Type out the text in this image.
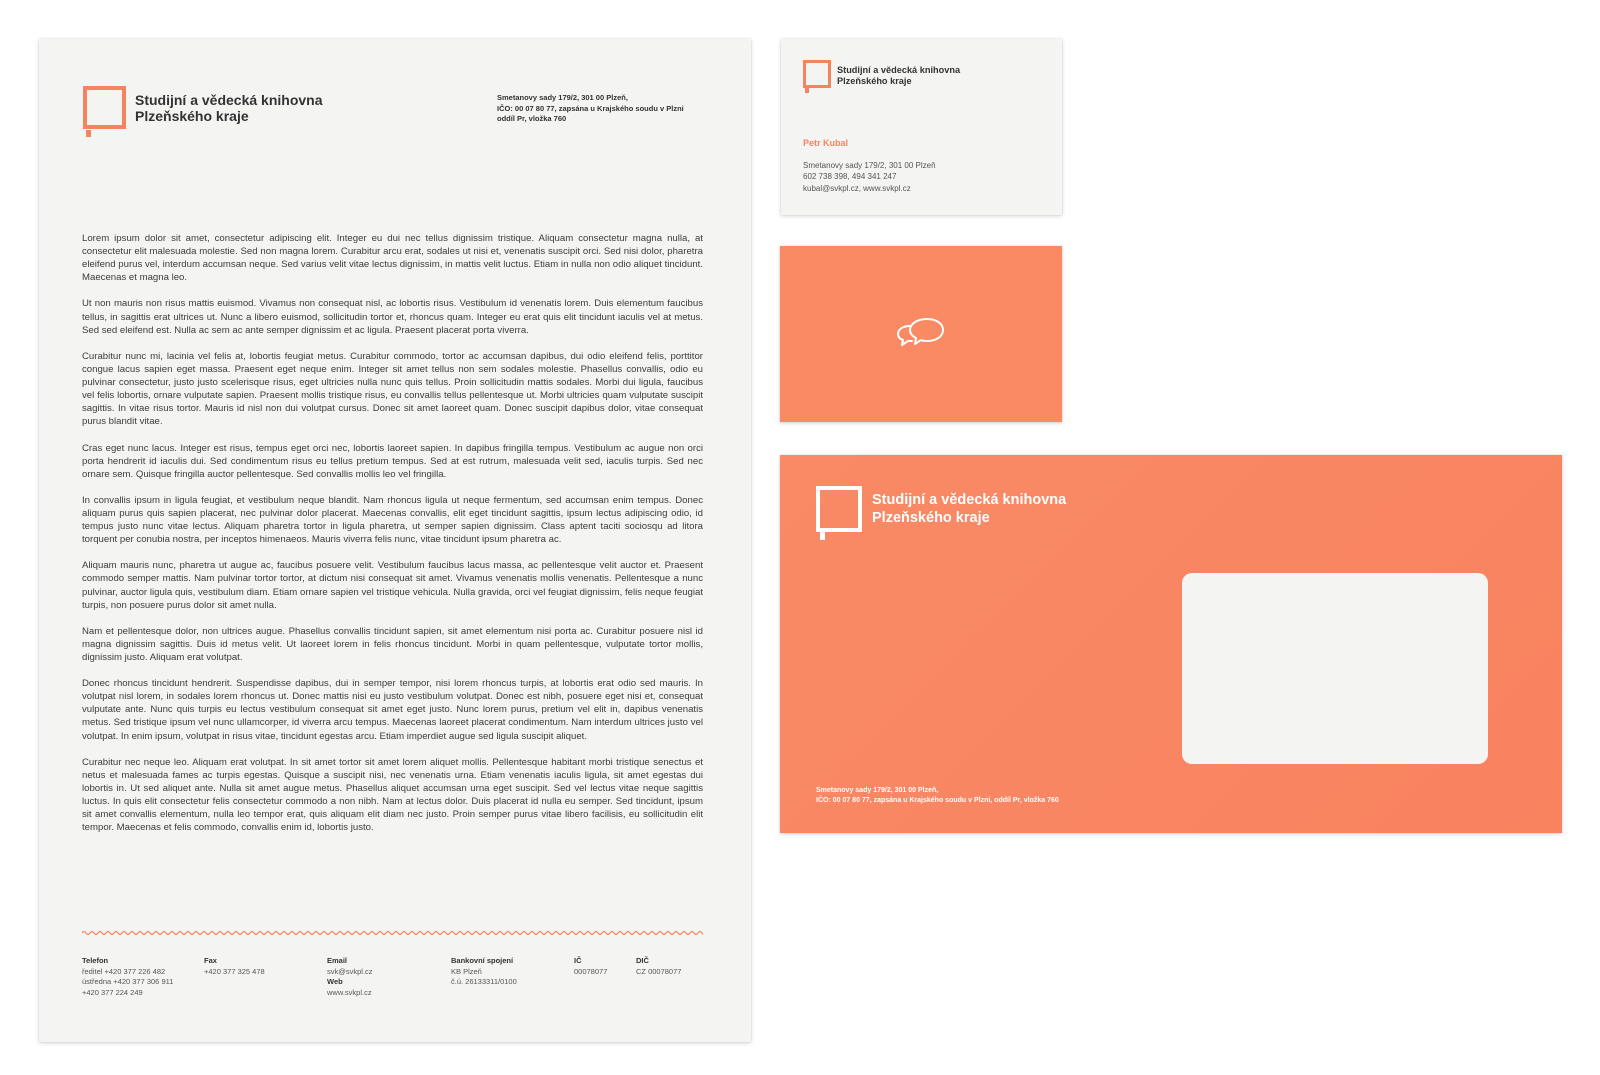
Studijní a vědecká knihovna
Plzeňského kraje
Smetanovy sady 179/2, 301 00 Plzeň,
IČO: 00 07 80 77, zapsána u Krajského soudu v Plzni
oddíl Pr, vložka 760

Lorem ipsum dolor sit amet, consectetur adipiscing elit. Integer eu dui nec tellus dignissim tristique. Aliquam consectetur magna nulla, at consectetur elit malesuada molestie. Sed non magna lorem. Curabitur arcu erat, sodales ut nisi et, venenatis suscipit orci. Sed nisi dolor, pharetra eleifend purus vel, interdum accumsan neque. Sed varius velit vitae lectus dignissim, in mattis velit luctus. Etiam in nulla non odio aliquet tincidunt. Maecenas et magna leo.

Ut non mauris non risus mattis euismod. Vivamus non consequat nisl, ac lobortis risus. Vestibulum id venenatis lorem. Duis elementum faucibus tellus, in sagittis erat ultrices ut. Nunc a libero euismod, sollicitudin tortor et, rhoncus quam. Integer eu erat quis elit tincidunt iaculis vel at metus. Sed sed eleifend est. Nulla ac sem ac ante semper dignissim et ac ligula. Praesent placerat porta viverra.

Curabitur nunc mi, lacinia vel felis at, lobortis feugiat metus. Curabitur commodo, tortor ac accumsan dapibus, dui odio eleifend felis, porttitor congue lacus sapien eget massa. Praesent eget neque enim. Integer sit amet tellus non sem sodales molestie. Phasellus convallis, odio eu pulvinar consectetur, justo justo scelerisque risus, eget ultricies nulla nunc quis tellus. Proin sollicitudin mattis sodales. Morbi dui ligula, faucibus vel felis lobortis, ornare vulputate sapien. Praesent mollis tristique risus, eu convallis tellus pellentesque ut. Morbi ultricies quam vulputate suscipit sagittis. In vitae risus tortor. Mauris id nisl non dui volutpat cursus. Donec sit amet laoreet quam. Donec suscipit dapibus dolor, vitae consequat purus blandit vitae.

Cras eget nunc lacus. Integer est risus, tempus eget orci nec, lobortis laoreet sapien. In dapibus fringilla tempus. Vestibulum ac augue non orci porta hendrerit id iaculis dui. Sed condimentum risus eu tellus pretium tempus. Sed at est rutrum, malesuada velit sed, iaculis turpis. Sed nec ornare sem. Quisque fringilla auctor pellentesque. Sed convallis mollis leo vel fringilla.

In convallis ipsum in ligula feugiat, et vestibulum neque blandit. Nam rhoncus ligula ut neque fermentum, sed accumsan enim tempus. Donec aliquam purus quis sapien placerat, nec pulvinar dolor placerat. Maecenas convallis, elit eget tincidunt sagittis, ipsum lectus adipiscing odio, id tempus justo nunc vitae lectus. Aliquam pharetra tortor in ligula pharetra, ut semper sapien dignissim. Class aptent taciti sociosqu ad litora torquent per conubia nostra, per inceptos himenaeos. Mauris viverra felis nunc, vitae tincidunt ipsum pharetra ac.

Aliquam mauris nunc, pharetra ut augue ac, faucibus posuere velit. Vestibulum faucibus lacus massa, ac pellentesque velit auctor et. Praesent commodo semper mattis. Nam pulvinar tortor tortor, at dictum nisi consequat sit amet. Vivamus venenatis mollis venenatis. Pellentesque a nunc pulvinar, auctor ligula quis, vestibulum diam. Etiam ornare sapien vel tristique vehicula. Nulla gravida, orci vel feugiat dignissim, felis neque feugiat turpis, non posuere purus dolor sit amet nulla.

Nam et pellentesque dolor, non ultrices augue. Phasellus convallis tincidunt sapien, sit amet elementum nisi porta ac. Curabitur posuere nisl id magna dignissim sagittis. Duis id metus velit. Ut laoreet lorem in felis rhoncus tincidunt. Morbi in quam pellentesque, vulputate tortor mollis, dignissim justo. Aliquam erat volutpat.

Donec rhoncus tincidunt hendrerit. Suspendisse dapibus, dui in semper tempor, nisi lorem rhoncus turpis, at lobortis erat odio sed mauris. In volutpat nisl lorem, in sodales lorem rhoncus ut. Donec mattis nisi eu justo vestibulum volutpat. Donec est nibh, posuere eget nisi et, consequat vulputate ante. Nunc quis turpis eu lectus vestibulum consequat sit amet eget justo. Nunc lorem purus, pretium vel elit in, dapibus venenatis metus. Sed tristique ipsum vel nunc ullamcorper, id viverra arcu tempus. Maecenas laoreet placerat condimentum. Nam interdum ultrices justo vel volutpat. In enim ipsum, volutpat in risus vitae, tincidunt egestas arcu. Etiam imperdiet augue sed ligula suscipit aliquet.

Curabitur nec neque leo. Aliquam erat volutpat. In sit amet tortor sit amet lorem aliquet mollis. Pellentesque habitant morbi tristique senectus et netus et malesuada fames ac turpis egestas. Quisque a suscipit nisi, nec venenatis urna. Etiam venenatis iaculis ligula, sit amet egestas dui lobortis in. Ut sed aliquet ante. Nulla sit amet augue metus. Phasellus aliquet accumsan urna eget suscipit. Sed vel lectus vitae neque sagittis luctus. In quis elit consectetur felis consectetur commodo a non nibh. Nam at lectus dolor. Duis placerat id nulla eu semper. Sed tincidunt, ipsum sit amet convallis elementum, nulla leo tempor erat, quis aliquam elit diam nec justo. Proin semper purus vitae libero facilisis, eu sollicitudin elit tempor. Maecenas et felis commodo, convallis enim id, lobortis justo.

Telefon
ředitel +420 377 226 482
ústředna +420 377 306 911
+420 377 224 249
Fax
+420 377 325 478
Email
svk@svkpl.cz
Web
www.svkpl.cz
Bankovní spojení
KB Plzeň
č.ú. 26133311/0100
IČ
00078077
DIČ
CZ 00078077
Studijní a vědecká knihovna
Plzeňského kraje
Petr Kubal
Smetanovy sady 179/2, 301 00 Plzeň
602 738 398, 494 341 247
kubal@svkpl.cz, www.svkpl.cz
Studijní a vědecká knihovna
Plzeňského kraje
Smetanovy sady 179/2, 301 00 Plzeň,
IČO: 00 07 80 77, zapsána u Krajského soudu v Plzni, oddíl Pr, vložka 760
